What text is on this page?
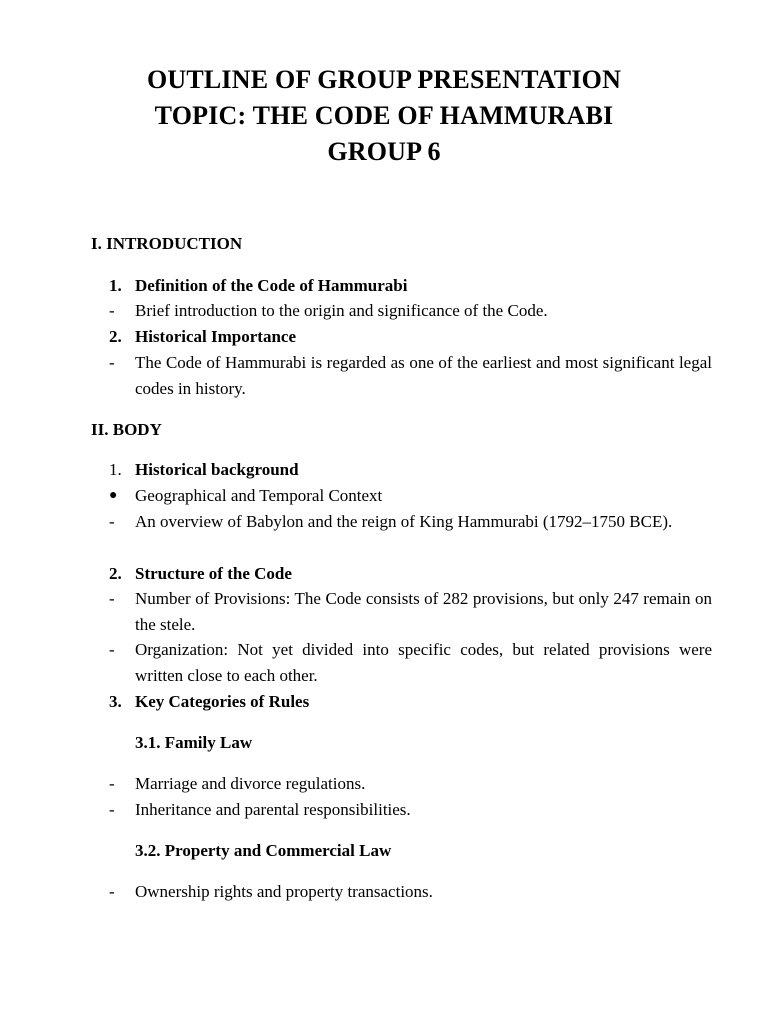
OUTLINE OF GROUP PRESENTATION
TOPIC: THE CODE OF HAMMURABI
GROUP 6
I. INTRODUCTION
1. Definition of the Code of Hammurabi
-	Brief introduction to the origin and significance of the Code.
2. Historical Importance
-	The Code of Hammurabi is regarded as one of the earliest and most significant legal codes in history.
II. BODY
1. Historical background
●	Geographical and Temporal Context
-	An overview of Babylon and the reign of King Hammurabi (1792–1750 BCE).
2. Structure of the Code
-	Number of Provisions: The Code consists of 282 provisions, but only 247 remain on the stele.
-	Organization: Not yet divided into specific codes, but related provisions were written close to each other.
3. Key Categories of Rules
3.1. Family Law
-	Marriage and divorce regulations.
-	Inheritance and parental responsibilities.
3.2. Property and Commercial Law
-	Ownership rights and property transactions.
